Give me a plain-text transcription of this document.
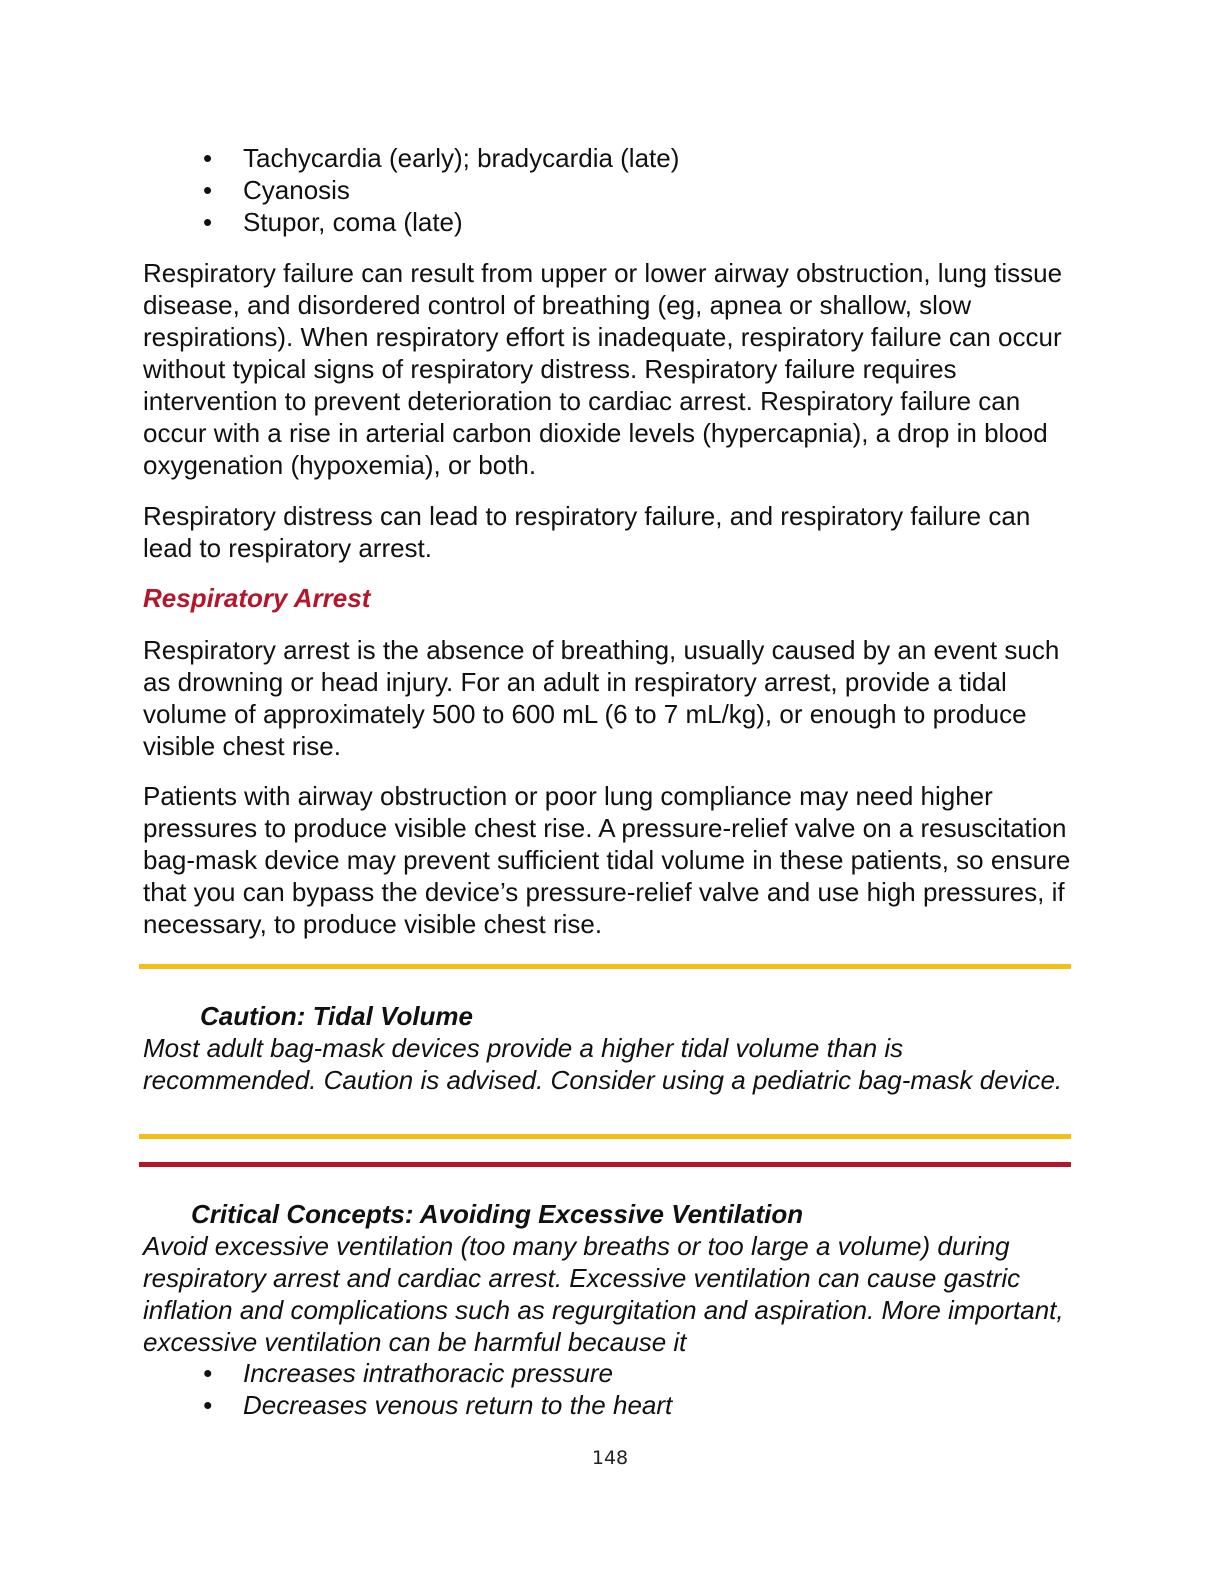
•	Tachycardia (early); bradycardia (late)
•	Cyanosis
•	Stupor, coma (late)

Respiratory failure can result from upper or lower airway obstruction, lung tissue disease, and disordered control of breathing (eg, apnea or shallow, slow respirations). When respiratory effort is inadequate, respiratory failure can occur without typical signs of respiratory distress. Respiratory failure requires intervention to prevent deterioration to cardiac arrest. Respiratory failure can occur with a rise in arterial carbon dioxide levels (hypercapnia), a drop in blood oxygenation (hypoxemia), or both.

Respiratory distress can lead to respiratory failure, and respiratory failure can lead to respiratory arrest.

Respiratory Arrest

Respiratory arrest is the absence of breathing, usually caused by an event such as drowning or head injury. For an adult in respiratory arrest, provide a tidal volume of approximately 500 to 600 mL (6 to 7 mL/kg), or enough to produce visible chest rise.

Patients with airway obstruction or poor lung compliance may need higher pressures to produce visible chest rise. A pressure-relief valve on a resuscitation bag-mask device may prevent sufficient tidal volume in these patients, so ensure that you can bypass the device’s pressure-relief valve and use high pressures, if necessary, to produce visible chest rise.

Caution: Tidal Volume

Most adult bag-mask devices provide a higher tidal volume than is recommended. Caution is advised. Consider using a pediatric bag-mask device.

Critical Concepts: Avoiding Excessive Ventilation

Avoid excessive ventilation (too many breaths or too large a volume) during respiratory arrest and cardiac arrest. Excessive ventilation can cause gastric inflation and complications such as regurgitation and aspiration. More important, excessive ventilation can be harmful because it

•	Increases intrathoracic pressure
•	Decreases venous return to the heart
148
